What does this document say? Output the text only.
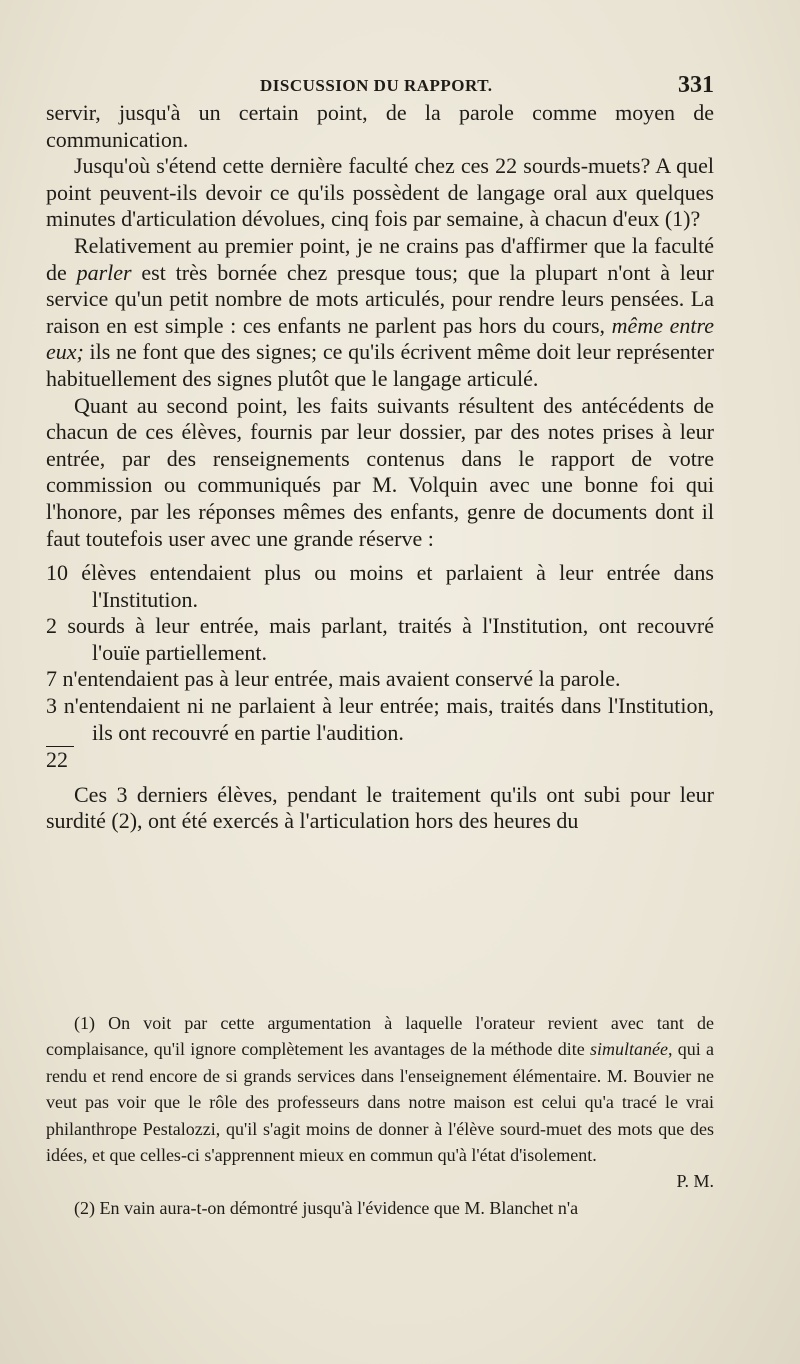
DISCUSSION DU RAPPORT.	331

servir, jusqu'à un certain point, de la parole comme moyen de communication.

Jusqu'où s'étend cette dernière faculté chez ces 22 sourds-muets? A quel point peuvent-ils devoir ce qu'ils possèdent de langage oral aux quelques minutes d'articulation dévolues, cinq fois par semaine, à chacun d'eux (1)?

Relativement au premier point, je ne crains pas d'affirmer que la faculté de parler est très bornée chez presque tous; que la plupart n'ont à leur service qu'un petit nombre de mots articulés, pour rendre leurs pensées. La raison en est simple : ces enfants ne parlent pas hors du cours, même entre eux; ils ne font que des signes; ce qu'ils écrivent même doit leur représenter habituellement des signes plutôt que le langage articulé.

Quant au second point, les faits suivants résultent des antécédents de chacun de ces élèves, fournis par leur dossier, par des notes prises à leur entrée, par des renseignements contenus dans le rapport de votre commission ou communiqués par M. Volquin avec une bonne foi qui l'honore, par les réponses mêmes des enfants, genre de documents dont il faut toutefois user avec une grande réserve :

10 élèves entendaient plus ou moins et parlaient à leur entrée dans l'Institution.

2 sourds à leur entrée, mais parlant, traités à l'Institution, ont recouvré l'ouïe partiellement.

7 n'entendaient pas à leur entrée, mais avaient conservé la parole.

3 n'entendaient ni ne parlaient à leur entrée; mais, traités dans l'Institution, ils ont recouvré en partie l'audition.

22

Ces 3 derniers élèves, pendant le traitement qu'ils ont subi pour leur surdité (2), ont été exercés à l'articulation hors des heures du

(1) On voit par cette argumentation à laquelle l'orateur revient avec tant de complaisance, qu'il ignore complètement les avantages de la méthode dite simultanée, qui a rendu et rend encore de si grands services dans l'enseignement élémentaire. M. Bouvier ne veut pas voir que le rôle des professeurs dans notre maison est celui qu'a tracé le vrai philanthrope Pestalozzi, qu'il s'agit moins de donner à l'élève sourd-muet des mots que des idées, et que celles-ci s'apprennent mieux en commun qu'à l'état d'isolement.

P. M.

(2) En vain aura-t-on démontré jusqu'à l'évidence que M. Blanchet n'a
